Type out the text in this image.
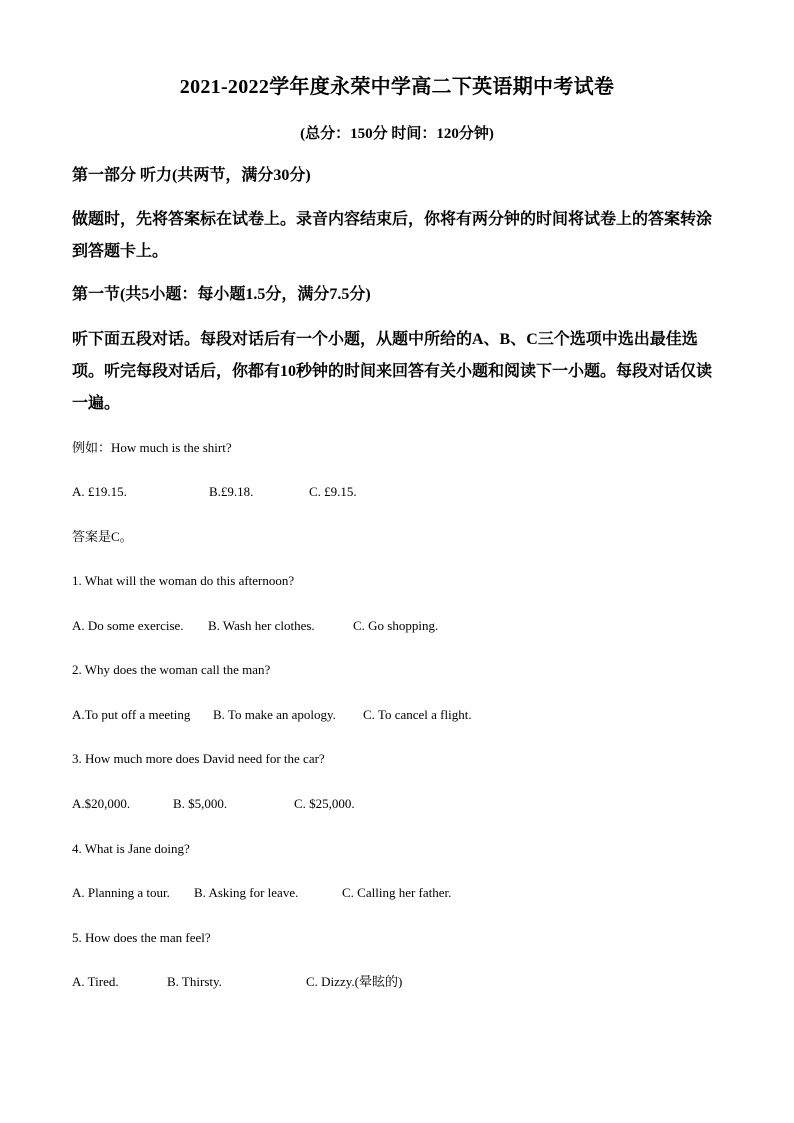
2021-2022学年度永荣中学高二下英语期中考试卷
(总分：150分 时间：120分钟)
第一部分 听力(共两节，满分30分)
做题时，先将答案标在试卷上。录音内容结束后，你将有两分钟的时间将试卷上的答案转涂到答题卡上。
第一节(共5小题：每小题1.5分，满分7.5分)
听下面五段对话。每段对话后有一个小题，从题中所给的A、B、C三个选项中选出最佳选项。听完每段对话后，你都有10秒钟的时间来回答有关小题和阅读下一小题。每段对话仅读一遍。
例如：How much is the shirt?
A. £19.15.	B.£9.18.	C. £9.15.
答案是C。
1. What will the woman do this afternoon?
A. Do some exercise. B. Wash her clothes.	C. Go shopping.
2. Why does the woman call the man?
A.To put off a meeting B. To make an apology. C. To cancel a flight.
3. How much more does David need for the car?
A.$20,000.	B. $5,000.	C. $25,000.
4. What is Jane doing?
A. Planning a tour. B. Asking for leave.	C. Calling her father.
5. How does the man feel?
A. Tired.	B. Thirsty.	C. Dizzy.(晕眩的)
